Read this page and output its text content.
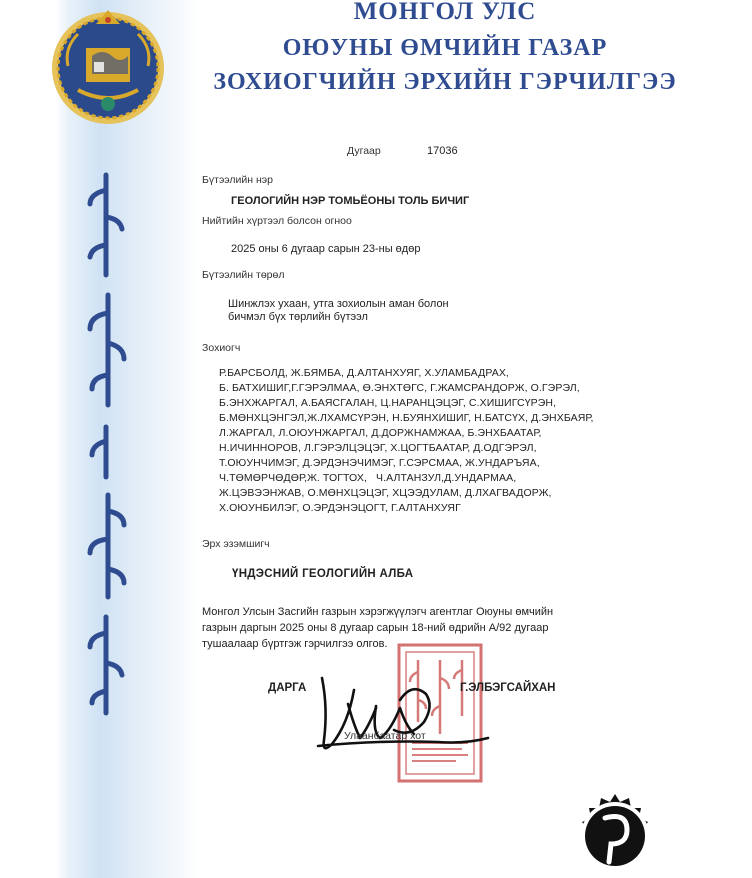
МОНГОЛ УЛС
ОЮУНЫ ӨМЧИЙН ГАЗАР
ЗОХИОГЧИЙН ЭРХИЙН ГЭРЧИЛГЭЭ
Дугаар	17036
Бүтээлийн нэр
ГЕОЛОГИЙН НЭР ТОМЬЁОНЫ ТОЛЬ БИЧИГ
Нийтийн хүртээл болсон огноо
2025 оны 6 дугаар сарын 23-ны өдөр
Бүтээлийн төрөл
Шинжлэх ухаан, утга зохиолын аман болон
бичмэл бүх төрлийн бүтээл
Зохиогч
Р.БАРСБОЛД, Ж.БЯМБА, Д.АЛТАНХУЯГ, Х.УЛАМБАДРАХ,
Б. БАТХИШИГ,Г.ГЭРЭЛМАА, Ө.ЭНХТӨГС, Г.ЖАМСРАНДОРЖ, О.ГЭРЭЛ,
Б.ЭНХЖАРГАЛ, А.БАЯСГАЛАН, Ц.НАРАНЦЭЦЭГ, С.ХИШИГСҮРЭН,
Б.МӨНХЦЭНГЭЛ,Ж.ЛХАМСҮРЭН, Н.БУЯНХИШИГ, Н.БАТСҮХ, Д.ЭНХБАЯР,
Л.ЖАРГАЛ, Л.ОЮУНЖАРГАЛ, Д.ДОРЖНАМЖАА, Б.ЭНХБААТАР,
Н.ИЧИННОРОВ, Л.ГЭРЭЛЦЭЦЭГ, Х.ЦОГТБААТАР, Д.ОДГЭРЭЛ,
Т.ОЮУНЧИМЭГ, Д.ЭРДЭНЭЧИМЭГ, Г.СЭРСМАА, Ж.УНДАРЪЯА,
Ч.ТӨМӨРЧӨДӨР,Ж. ТОГТОХ,   Ч.АЛТАНЗУЛ,Д.УНДАРМАА,
Ж.ЦЭВЭЭНЖАВ, О.МӨНХЦЭЦЭГ, ХЦЭЭДУЛАМ, Д.ЛХАГВАДОРЖ,
Х.ОЮУНБИЛЭГ, О.ЭРДЭНЭЦОГТ, Г.АЛТАНХУЯГ
Эрх эзэмшигч
ҮНДЭСНИЙ ГЕОЛОГИЙН АЛБА
Монгол Улсын Засгийн газрын хэрэгжүүлэгч агентлаг Оюуны өмчийн
газрын даргын 2025 оны 8 дугаар сарын 18-ний өдрийн А/92 дугаар
тушаалаар бүртгэж гэрчилгээ олгов.
ДАРГА	Г.ЭЛБЭГСАЙХАН
Улаанбаатар хот
